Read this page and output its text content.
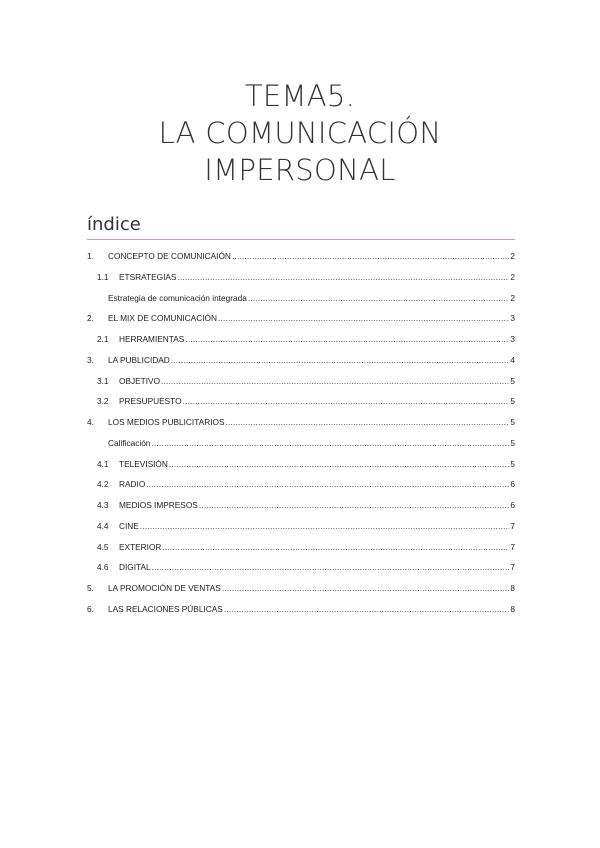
TEMA5.
LA COMUNICACIÓN
IMPERSONAL
índice
1.	CONCEPTO DE COMUNICAIÓN .....	2
1.1	ETSRATEGIAS .....	2
Estrategia de comunicación integrada .....	2
2.	EL MIX DE COMUNICACIÓN .....	3
2.1	HERRAMIENTAS .....	3
3.	LA PUBLICIDAD .....	4
3.1	OBJETIVO .....	5
3.2	PRESUPUESTO .....	5
4.	LOS MEDIOS PUBLICITARIOS .....	5
Calificación .....	5
4.1	TELEVISIÓN .....	5
4.2	RADIO .....	6
4.3	MEDIOS IMPRESOS .....	6
4.4	CINE .....	7
4.5	EXTERIOR .....	7
4.6	DIGITAL .....	7
5.	LA PROMOCIÓN DE VENTAS .....	8
6.	LAS RELACIONES PÚBLICAS .....	8
